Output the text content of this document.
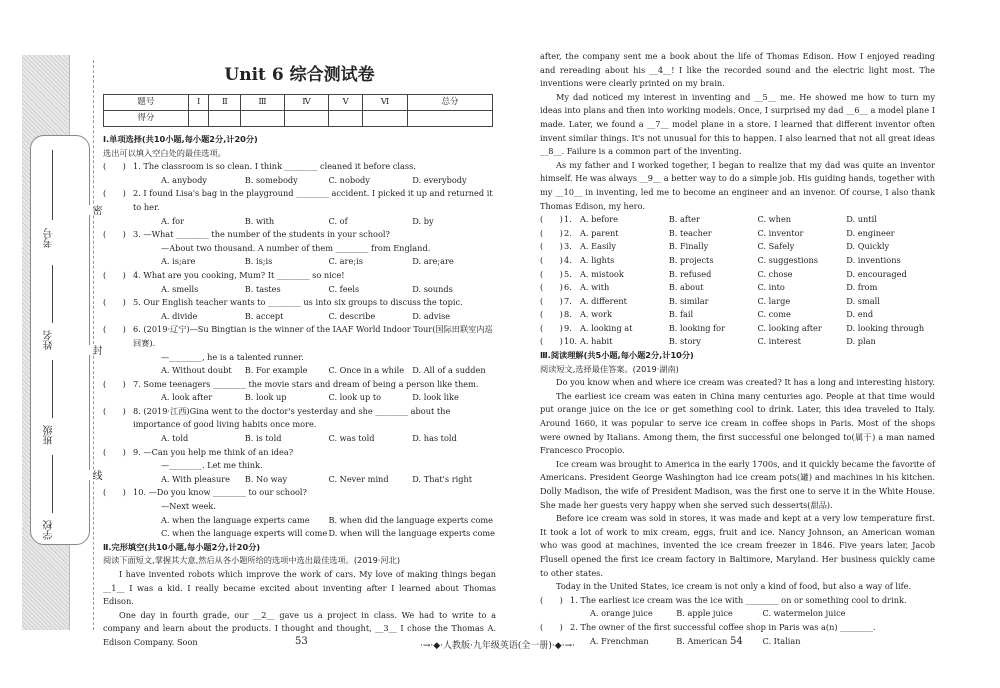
考号
姓名
班级
学校
密
封
线
Unit 6 综合测试卷
题号	Ⅰ	Ⅱ	Ⅲ	Ⅳ	Ⅴ	Ⅵ	总分
得分							
Ⅰ.单项选择(共10小题,每小题2分,计20分)
选出可以填入空白处的最佳选项。
(　　) 1. The classroom is so clean. I think ________ cleaned it before class.
A. anybody	B. somebody	C. nobody	D. everybody
(　　) 2. I found Lisa's bag in the playground ________ accident. I picked it up and returned it to her.
A. for	B. with	C. of	D. by
(　　) 3. —What ________ the number of the students in your school?
—About two thousand. A number of them ________ from England.
A. is;are	B. is;is	C. are;is	D. are;are
(　　) 4. What are you cooking, Mum? It ________ so nice!
A. smells	B. tastes	C. feels	D. sounds
(　　) 5. Our English teacher wants to ________ us into six groups to discuss the topic.
A. divide	B. accept	C. describe	D. advise
(　　) 6. (2019·辽宁)—Su Bingtian is the winner of the IAAF World Indoor Tour(国际田联室内巡回赛).
—________, he is a talented runner.
A. Without doubt	B. For example	C. Once in a while	D. All of a sudden
(　　) 7. Some teenagers ________ the movie stars and dream of being a person like them.
A. look after	B. look up	C. look up to	D. look like
(　　) 8. (2019·江西)Gina went to the doctor's yesterday and she ________ about the importance of good living habits once more.
A. told	B. is told	C. was told	D. has told
(　　) 9. —Can you help me think of an idea?
—________. Let me think.
A. With pleasure	B. No way	C. Never mind	D. That's right
(　　) 10. —Do you know ________ to our school?
—Next week.
A. when the language experts came	B. when did the language experts come
C. when the language experts will come D. when will the language experts come
Ⅱ.完形填空(共10小题,每小题2分,计20分)
阅读下面短文,掌握其大意,然后从各小题所给的选项中选出最佳选项。(2019·河北)

I have invented robots which improve the work of cars. My love of making things began __1__ I was a kid. I really became excited about inventing after I learned about Thomas Edison.

One day in fourth grade, our __2__ gave us a project in class. We had to write to a company and learn about the products. I thought and thought, __3__ I chose the Thomas A. Edison Company. Soon

after, the company sent me a book about the life of Thomas Edison. How I enjoyed reading and rereading about his __4__! I like the recorded sound and the electric light most. The inventions were clearly printed on my brain.

My dad noticed my interest in inventing and __5__ me. He showed me how to turn my ideas into plans and then into working models. Once, I surprised my dad __6__ a model plane I made. Later, we found a __7__ model plane in a store. I learned that different inventor often invent similar things. It's not unusual for this to happen. I also learned that not all great ideas __8__. Failure is a common part of the inventing.

As my father and I worked together, I began to realize that my dad was quite an inventor himself. He was always __9__ a better way to do a simple job. His guiding hands, together with my __10__ in inventing, led me to become an engineer and an invenor. Of course, I also thank Thomas Edison, my hero.

(　　) 1. A. before	B. after	C. when	D. until
(　　) 2. A. parent	B. teacher	C. inventor	D. engineer
(　　) 3. A. Easily	B. Finally	C. Safely	D. Quickly
(　　) 4. A. lights	B. projects	C. suggestions	D. inventions
(　　) 5. A. mistook	B. refused	C. chose	D. encouraged
(　　) 6. A. with	B. about	C. into	D. from
(　　) 7. A. different	B. similar	C. large	D. small
(　　) 8. A. work	B. fail	C. come	D. end
(　　) 9. A. looking at	B. looking for	C. looking after	D. looking through
(　　) 10. A. habit	B. story	C. interest	D. plan
Ⅲ.阅读理解(共5小题,每小题2分,计10分)
阅读短文,选择最佳答案。(2019·湖南)

Do you know when and where ice cream was created? It has a long and interesting history.

The earliest ice cream was eaten in China many centuries ago. People at that time would put orange juice on the ice or get something cool to drink. Later, this idea traveled to Italy. Around 1660, it was popular to serve ice cream in coffee shops in Paris. Most of the shops were owned by Italians. Among them, the first successful one belonged to(属于) a man named Francesco Procopio.

Ice cream was brought to America in the early 1700s, and it quickly became the favorite of Americans. President George Washington had ice cream pots(罐) and machines in his kitchen. Dolly Madison, the wife of President Madison, was the first one to serve it in the White House. She made her guests very happy when she served such desserts(甜品).

Before ice cream was sold in stores, it was made and kept at a very low temperature first. It took a lot of work to mix cream, eggs, fruit and ice. Nancy Johnson, an American woman who was good at machines, invented the ice cream freezer in 1846. Five years later, Jacob Flusell opened the first ice cream factory in Baltimore, Maryland. Her business quickly came to other states.

Today in the United States, ice cream is not only a kind of food, but also a way of life.

(　　) 1. The earliest ice cream was the ice with ________ on or something cool to drink.
A. orange juice	B. apple juice	C. watermelon juice
(　　) 2. The owner of the first successful coffee shop in Paris was a(n) ________.
A. Frenchman	B. American	C. Italian
53	·→·◆·人教版·九年级英语(全一册)·◆·→·	54
